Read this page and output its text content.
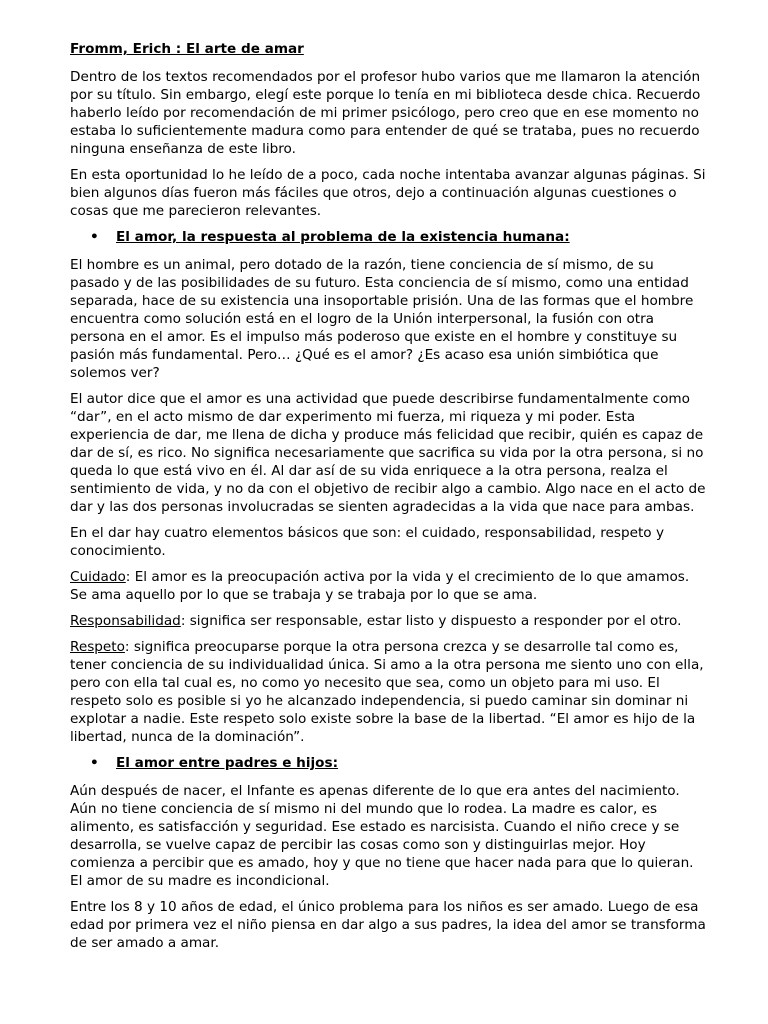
Fromm, Erich : El arte de amar

Dentro de los textos recomendados por el profesor hubo varios que me llamaron la atención por su título. Sin embargo, elegí este porque lo tenía en mi biblioteca desde chica. Recuerdo haberlo leído por recomendación de mi primer psicólogo, pero creo que en ese momento no estaba lo suficientemente madura como para entender de qué se trataba, pues no recuerdo ninguna enseñanza de este libro.

En esta oportunidad lo he leído de a poco, cada noche intentaba avanzar algunas páginas. Si bien algunos días fueron más fáciles que otros, dejo a continuación algunas cuestiones o cosas que me parecieron relevantes.

•	El amor, la respuesta al problema de la existencia humana:

El hombre es un animal, pero dotado de la razón, tiene conciencia de sí mismo, de su pasado y de las posibilidades de su futuro. Esta conciencia de sí mismo, como una entidad separada, hace de su existencia una insoportable prisión. Una de las formas que el hombre encuentra como solución está en el logro de la Unión interpersonal, la fusión con otra persona en el amor. Es el impulso más poderoso que existe en el hombre y constituye su pasión más fundamental. Pero… ¿Qué es el amor? ¿Es acaso esa unión simbiótica que solemos ver?

El autor dice que el amor es una actividad que puede describirse fundamentalmente como “dar”, en el acto mismo de dar experimento mi fuerza, mi riqueza y mi poder. Esta experiencia de dar, me llena de dicha y produce más felicidad que recibir, quién es capaz de dar de sí, es rico. No significa necesariamente que sacrifica su vida por la otra persona, si no queda lo que está vivo en él. Al dar así de su vida enriquece a la otra persona, realza el sentimiento de vida, y no da con el objetivo de recibir algo a cambio. Algo nace en el acto de dar y las dos personas involucradas se sienten agradecidas a la vida que nace para ambas.

En el dar hay cuatro elementos básicos que son: el cuidado, responsabilidad, respeto y conocimiento.

Cuidado: El amor es la preocupación activa por la vida y el crecimiento de lo que amamos. Se ama aquello por lo que se trabaja y se trabaja por lo que se ama.

Responsabilidad: significa ser responsable, estar listo y dispuesto a responder por el otro.

Respeto: significa preocuparse porque la otra persona crezca y se desarrolle tal como es, tener conciencia de su individualidad única. Si amo a la otra persona me siento uno con ella, pero con ella tal cual es, no como yo necesito que sea, como un objeto para mi uso. El respeto solo es posible si yo he alcanzado independencia, si puedo caminar sin dominar ni explotar a nadie. Este respeto solo existe sobre la base de la libertad. “El amor es hijo de la libertad, nunca de la dominación”.

•	El amor entre padres e hijos:

Aún después de nacer, el Infante es apenas diferente de lo que era antes del nacimiento. Aún no tiene conciencia de sí mismo ni del mundo que lo rodea. La madre es calor, es alimento, es satisfacción y seguridad. Ese estado es narcisista. Cuando el niño crece y se desarrolla, se vuelve capaz de percibir las cosas como son y distinguirlas mejor. Hoy comienza a percibir que es amado, hoy y que no tiene que hacer nada para que lo quieran. El amor de su madre es incondicional.

Entre los 8 y 10 años de edad, el único problema para los niños es ser amado. Luego de esa edad por primera vez el niño piensa en dar algo a sus padres, la idea del amor se transforma de ser amado a amar.
